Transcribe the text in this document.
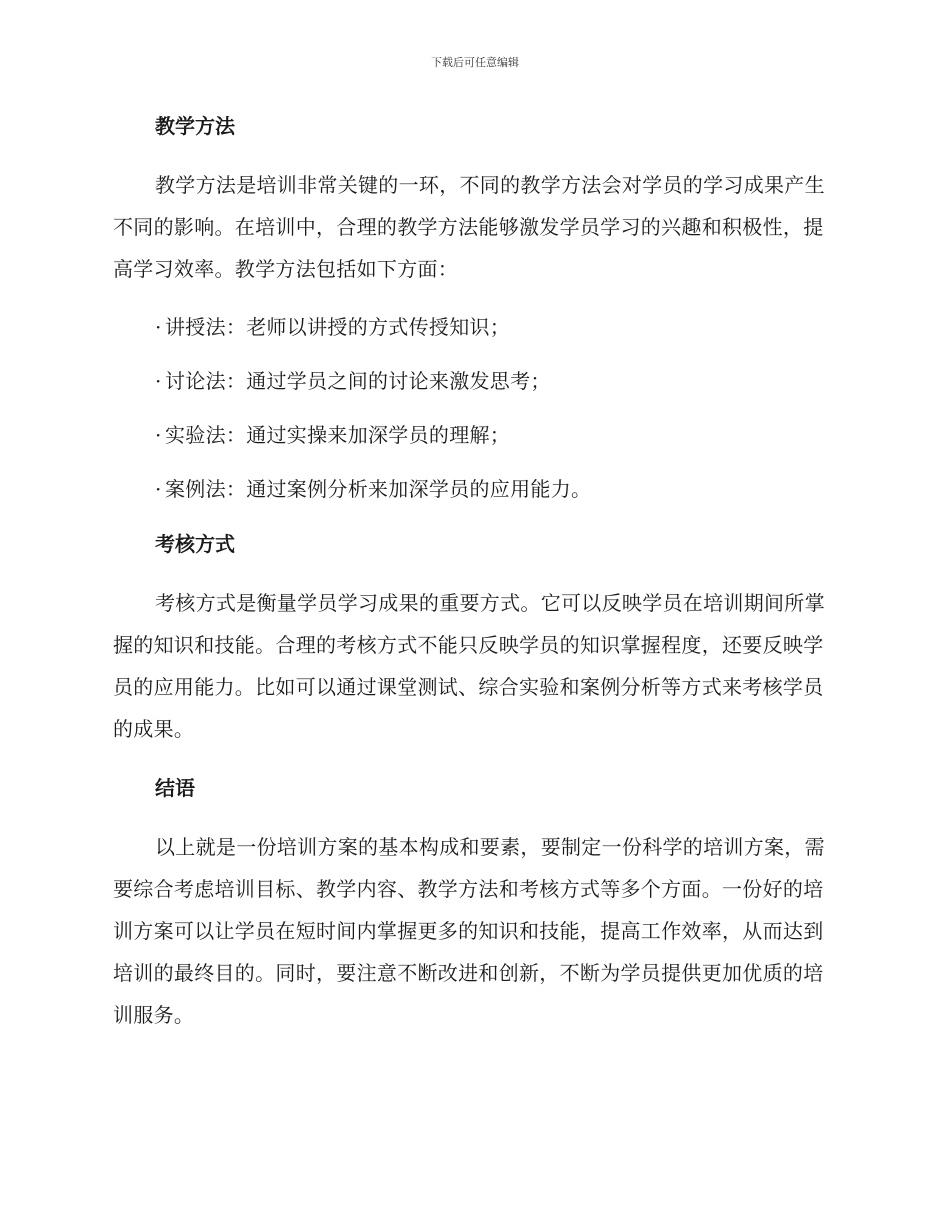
下载后可任意编辑
教学方法

教学方法是培训非常关键的一环，不同的教学方法会对学员的学习成果产生不同的影响。在培训中，合理的教学方法能够激发学员学习的兴趣和积极性，提高学习效率。教学方法包括如下方面：

· 讲授法：老师以讲授的方式传授知识；
· 讨论法：通过学员之间的讨论来激发思考；
· 实验法：通过实操来加深学员的理解；
· 案例法：通过案例分析来加深学员的应用能力。
考核方式

考核方式是衡量学员学习成果的重要方式。它可以反映学员在培训期间所掌握的知识和技能。合理的考核方式不能只反映学员的知识掌握程度，还要反映学员的应用能力。比如可以通过课堂测试、综合实验和案例分析等方式来考核学员的成果。

结语

以上就是一份培训方案的基本构成和要素，要制定一份科学的培训方案，需要综合考虑培训目标、教学内容、教学方法和考核方式等多个方面。一份好的培训方案可以让学员在短时间内掌握更多的知识和技能，提高工作效率，从而达到培训的最终目的。同时，要注意不断改进和创新，不断为学员提供更加优质的培训服务。
